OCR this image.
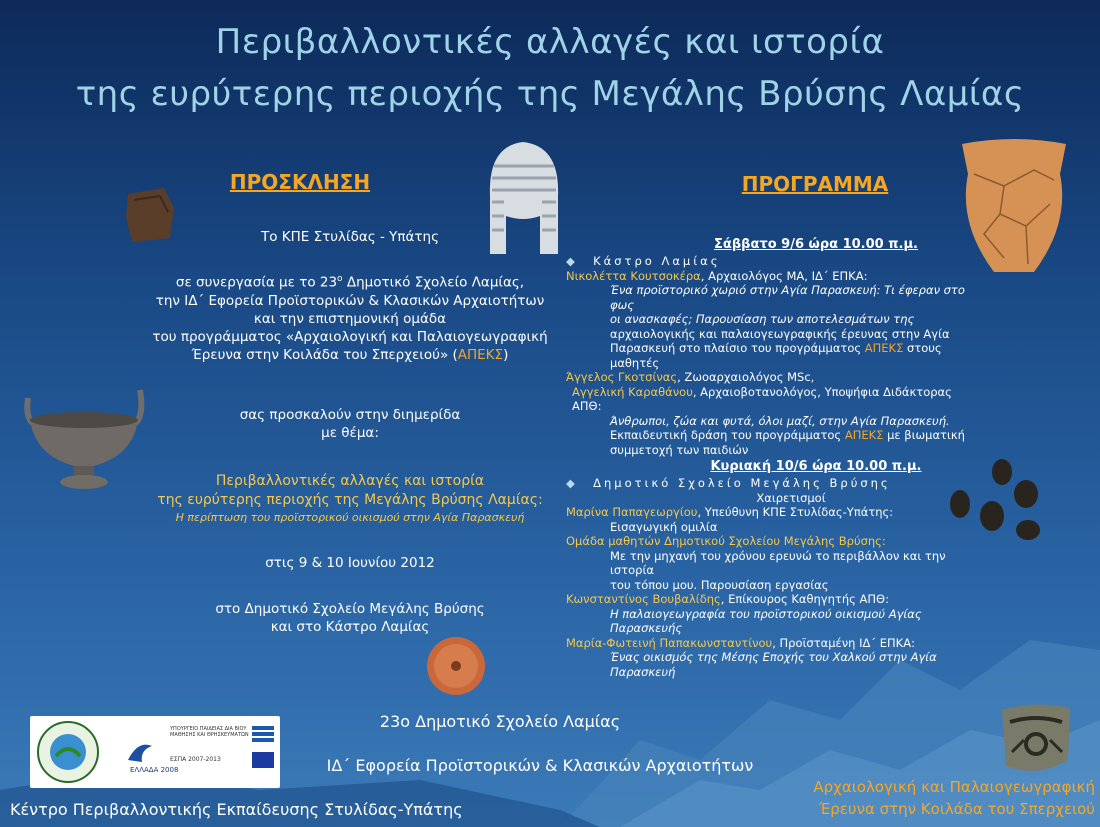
Περιβαλλοντικές αλλαγές και ιστορία
της ευρύτερης περιοχής της Μεγάλης Βρύσης Λαμίας
ΠΡΟΣΚΛΗΣΗ
Το ΚΠΕ Στυλίδας - Υπάτης
σε συνεργασία με το $23^o$ Δημοτικό Σχολείο Λαμίας,
την ΙΔ΄ Εφορεία Προϊστορικών & Κλασικών Αρχαιοτήτων
και την επιστημονική ομάδα
του προγράμματος «Αρχαιολογική και Παλαιογεωγραφική
Έρευνα στην Κοιλάδα του Σπερχειού» (ΑΠΕΚΣ)
σας προσκαλούν στην διημερίδα
με θέμα:
Περιβαλλοντικές αλλαγές και ιστορία
της ευρύτερης περιοχής της Μεγάλης Βρύσης Λαμίας:
Η περίπτωση του προϊστορικού οικισμού στην Αγία Παρασκευή
στις 9 & 10 Ιουνίου 2012
στο Δημοτικό Σχολείο Μεγάλης Βρύσης
και στο Κάστρο Λαμίας
ΠΡΟΓΡΑΜΜΑ
Σάββατο 9/6 ώρα 10.00 π.μ.
◆ Κάστρο Λαμίας
Νικολέττα Κουτσοκέρα, Αρχαιολόγος ΜΑ, ΙΔ΄ ΕΠΚΑ:
Ένα προϊστορικό χωριό στην Αγία Παρασκευή: Τι έφεραν στο φως
οι ανασκαφές; Παρουσίαση των αποτελεσμάτων της
αρχαιολογικής και παλαιογεωγραφικής έρευνας στην Αγία
Παρασκευή στο πλαίσιο του προγράμματος ΑΠΕΚΣ στους μαθητές
Άγγελος Γκοτσίνας, Ζωοαρχαιολόγος MSc,
Αγγελική Καραθάνου, Αρχαιοβοτανολόγος, Υποψήφια Διδάκτορας ΑΠΘ:
Άνθρωποι, ζώα και φυτά, όλοι μαζί, στην Αγία Παρασκευή.
Εκπαιδευτική δράση του προγράμματος ΑΠΕΚΣ με βιωματική
συμμετοχή των παιδιών
Κυριακή 10/6 ώρα 10.00 π.μ.
◆ Δημοτικό Σχολείο Μεγάλης Βρύσης
Χαιρετισμοί
Μαρίνα Παπαγεωργίου, Υπεύθυνη ΚΠΕ Στυλίδας-Υπάτης:
Εισαγωγική ομιλία
Ομάδα μαθητών Δημοτικού Σχολείου Μεγάλης Βρύσης:
Με την μηχανή του χρόνου ερευνώ το περιβάλλον και την ιστορία
του τόπου μου. Παρουσίαση εργασίας
Κωνσταντίνος Βουβαλίδης, Επίκουρος Καθηγητής ΑΠΘ:
Η παλαιογεωγραφία του προϊστορικού οικισμού Αγίας Παρασκευής
Μαρία-Φωτεινή Παπακωνσταντίνου, Προϊσταμένη ΙΔ΄ ΕΠΚΑ:
Ένας οικισμός της Μέσης Εποχής του Χαλκού στην Αγία
Παρασκευή
ΕΛΛΑΔΑ 2008
ΥΠΟΥΡΓΕΙΟ ΠΑΙΔΕΙΑΣ ΔΙΑ ΒΙΟΥ ΜΑΘΗΣΗΣ ΚΑΙ ΘΡΗΣΚΕΥΜΑΤΩΝ
ΕΣΠΑ 2007-2013
23ο Δημοτικό Σχολείο Λαμίας
ΙΔ΄ Εφορεία Προϊστορικών & Κλασικών Αρχαιοτήτων
Κέντρο Περιβαλλοντικής Εκπαίδευσης Στυλίδας-Υπάτης
Αρχαιολογική και Παλαιογεωγραφική
Έρευνα στην Κοιλάδα του Σπερχειού
